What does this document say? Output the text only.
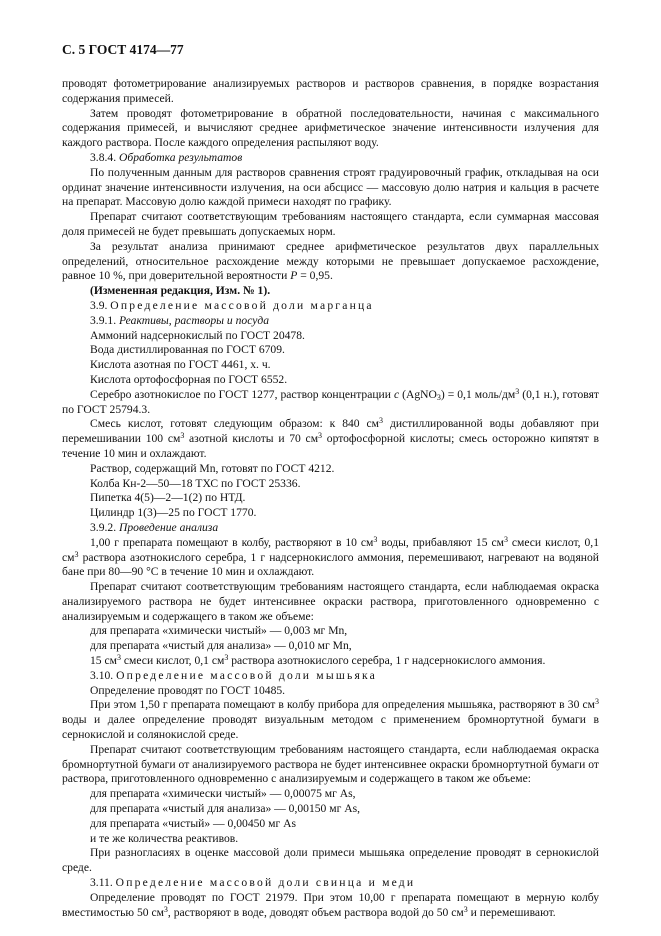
С. 5 ГОСТ 4174—77

проводят фотометрирование анализируемых растворов и растворов сравнения, в порядке возрастания содержания примесей.

Затем проводят фотометрирование в обратной последовательности, начиная с максимального содержания примесей, и вычисляют среднее арифметическое значение интенсивности излучения для каждого раствора. После каждого определения распыляют воду.

3.8.4. Обработка результатов

По полученным данным для растворов сравнения строят градуировочный график, откладывая на оси ординат значение интенсивности излучения, на оси абсцисс — массовую долю натрия и кальция в расчете на препарат. Массовую долю каждой примеси находят по графику.

Препарат считают соответствующим требованиям настоящего стандарта, если суммарная массовая доля примесей не будет превышать допускаемых норм.

За результат анализа принимают среднее арифметическое результатов двух параллельных определений, относительное расхождение между которыми не превышает допускаемое расхождение, равное 10 %, при доверительной вероятности P = 0,95.

(Измененная редакция, Изм. № 1).

3.9. Определение массовой доли марганца

3.9.1. Реактивы, растворы и посуда

Аммоний надсернокислый по ГОСТ 20478.

Вода дистиллированная по ГОСТ 6709.

Кислота азотная по ГОСТ 4461, х. ч.

Кислота ортофосфорная по ГОСТ 6552.

Серебро азотнокислое по ГОСТ 1277, раствор концентрации c (AgNO$_3$) = 0,1 моль/$дм^3$ (0,1 н.), готовят по ГОСТ 25794.3.

Смесь кислот, готовят следующим образом: к 840 $см^3$ дистиллированной воды добавляют при перемешивании 100 $см^3$ азотной кислоты и 70 $см^3$ ортофосфорной кислоты; смесь осторожно кипятят в течение 10 мин и охлаждают.

Раствор, содержащий Mn, готовят по ГОСТ 4212.

Колба Кн-2—50—18 ТХС по ГОСТ 25336.

Пипетка 4(5)—2—1(2) по НТД.

Цилиндр 1(3)—25 по ГОСТ 1770.

3.9.2. Проведение анализа

1,00 г препарата помещают в колбу, растворяют в 10 $см^3$ воды, прибавляют 15 $см^3$ смеси кислот, 0,1 $см^3$ раствора азотнокислого серебра, 1 г надсернокислого аммония, перемешивают, нагревают на водяной бане при 80—90 °С в течение 10 мин и охлаждают.

Препарат считают соответствующим требованиям настоящего стандарта, если наблюдаемая окраска анализируемого раствора не будет интенсивнее окраски раствора, приготовленного одновременно с анализируемым и содержащего в таком же объеме:

для препарата «химически чистый» — 0,003 мг Mn,

для препарата «чистый для анализа» — 0,010 мг Mn,

15 $см^3$ смеси кислот, 0,1 $см^3$ раствора азотнокислого серебра, 1 г надсернокислого аммония.

3.10. Определение массовой доли мышьяка

Определение проводят по ГОСТ 10485.

При этом 1,50 г препарата помещают в колбу прибора для определения мышьяка, растворяют в 30 $см^3$ воды и далее определение проводят визуальным методом с применением бромнортутной бумаги в сернокислой и солянокислой среде.

Препарат считают соответствующим требованиям настоящего стандарта, если наблюдаемая окраска бромнортутной бумаги от анализируемого раствора не будет интенсивнее окраски бромнортутной бумаги от раствора, приготовленного одновременно с анализируемым и содержащего в таком же объеме:

для препарата «химически чистый» — 0,00075 мг As,

для препарата «чистый для анализа» — 0,00150 мг As,

для препарата «чистый» — 0,00450 мг As

и те же количества реактивов.

При разногласиях в оценке массовой доли примеси мышьяка определение проводят в сернокислой среде.

3.11. Определение массовой доли свинца и меди

Определение проводят по ГОСТ 21979. При этом 10,00 г препарата помещают в мерную колбу вместимостью 50 $см^3$, растворяют в воде, доводят объем раствора водой до 50 $см^3$ и перемешивают.
